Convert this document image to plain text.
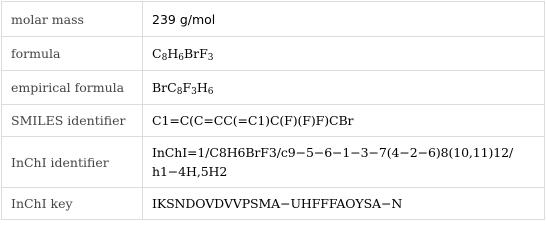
molar mass	239 g/mol
formula	$C_8H_6BrF_3$
empirical formula	$BrC_8F_3H_6$
SMILES identifier	C1=C(C=CC(=C1)C(F)(F)F)CBr
InChI identifier	InChI=1/C8H6BrF3/c9−5−6−1−3−7(4−2−6)8(10,11)12/
h1−4H,5H2

InChI key	IKSNDOVDVVPSMA−UHFFFAOYSA−N
